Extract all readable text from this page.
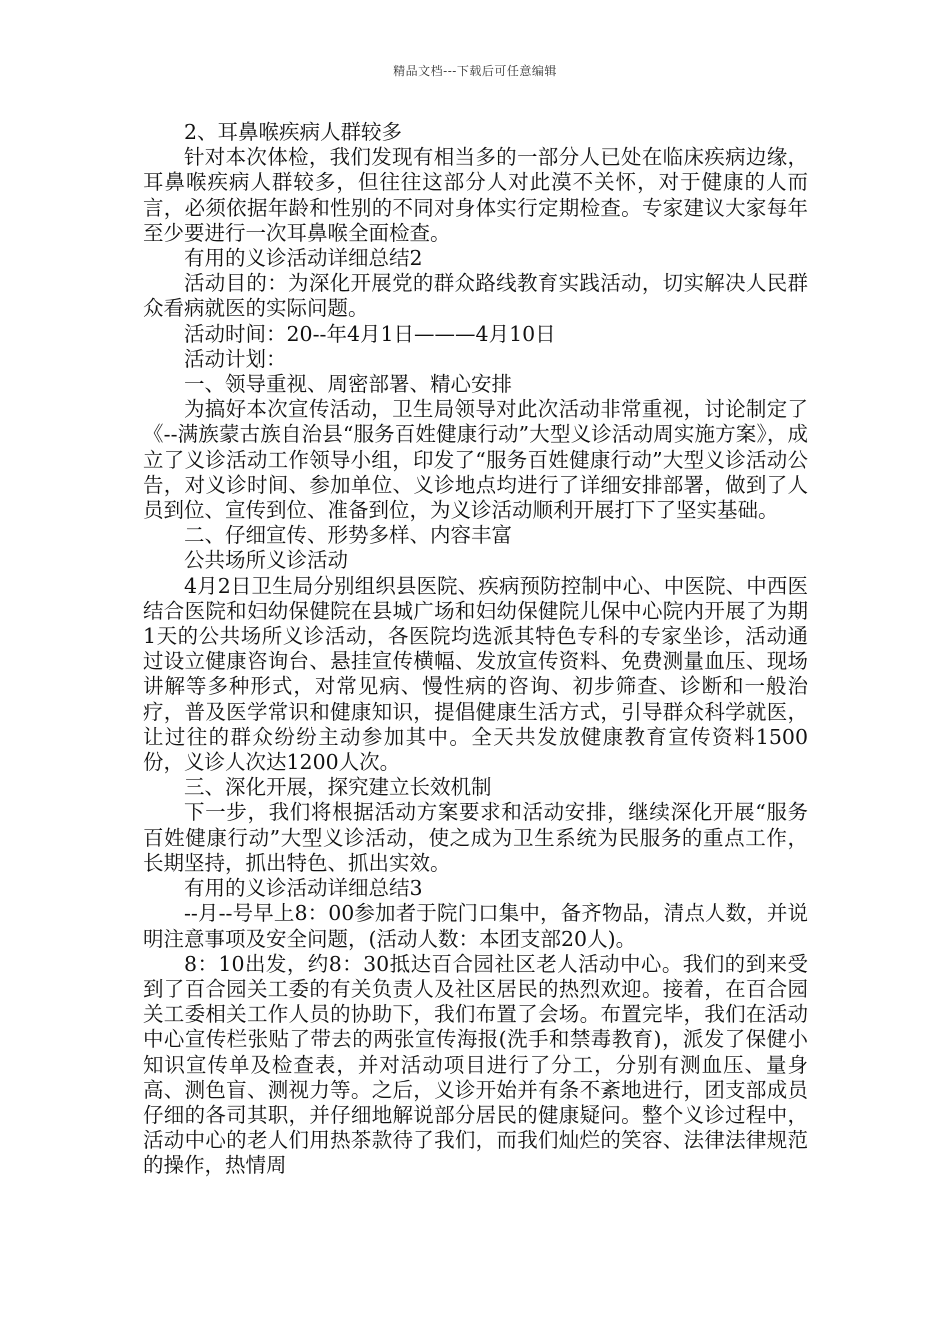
精品文档---下载后可任意编辑

2、耳鼻喉疾病人群较多

针对本次体检，我们发现有相当多的一部分人已处在临床疾病边缘，耳鼻喉疾病人群较多，但往往这部分人对此漠不关怀，对于健康的人而言，必须依据年龄和性别的不同对身体实行定期检查。专家建议大家每年至少要进行一次耳鼻喉全面检查。

有用的义诊活动详细总结2

活动目的：为深化开展党的群众路线教育实践活动，切实解决人民群众看病就医的实际问题。

活动时间：20--年4月1日———4月10日

活动计划：

一、领导重视、周密部署、精心安排

为搞好本次宣传活动，卫生局领导对此次活动非常重视，讨论制定了《--满族蒙古族自治县“服务百姓健康行动”大型义诊活动周实施方案》，成立了义诊活动工作领导小组，印发了“服务百姓健康行动”大型义诊活动公告，对义诊时间、参加单位、义诊地点均进行了详细安排部署，做到了人员到位、宣传到位、准备到位，为义诊活动顺利开展打下了坚实基础。

二、仔细宣传、形势多样、内容丰富

公共场所义诊活动

4月2日卫生局分别组织县医院、疾病预防控制中心、中医院、中西医结合医院和妇幼保健院在县城广场和妇幼保健院儿保中心院内开展了为期1天的公共场所义诊活动，各医院均选派其特色专科的专家坐诊，活动通过设立健康咨询台、悬挂宣传横幅、发放宣传资料、免费测量血压、现场讲解等多种形式，对常见病、慢性病的咨询、初步筛查、诊断和一般治疗，普及医学常识和健康知识，提倡健康生活方式，引导群众科学就医，让过往的群众纷纷主动参加其中。全天共发放健康教育宣传资料1500份，义诊人次达1200人次。

三、深化开展，探究建立长效机制

下一步，我们将根据活动方案要求和活动安排，继续深化开展“服务百姓健康行动”大型义诊活动，使之成为卫生系统为民服务的重点工作，长期坚持，抓出特色、抓出实效。

有用的义诊活动详细总结3

--月--号早上8：00参加者于院门口集中，备齐物品，清点人数，并说明注意事项及安全问题，(活动人数：本团支部20人)。

8：10出发，约8：30抵达百合园社区老人活动中心。我们的到来受到了百合园关工委的有关负责人及社区居民的热烈欢迎。接着，在百合园关工委相关工作人员的协助下，我们布置了会场。布置完毕，我们在活动中心宣传栏张贴了带去的两张宣传海报(洗手和禁毒教育)，派发了保健小知识宣传单及检查表，并对活动项目进行了分工，分别有测血压、量身高、测色盲、测视力等。之后，义诊开始并有条不紊地进行，团支部成员仔细的各司其职，并仔细地解说部分居民的健康疑问。整个义诊过程中，活动中心的老人们用热茶款待了我们，而我们灿烂的笑容、法律法律规范的操作，热情周
